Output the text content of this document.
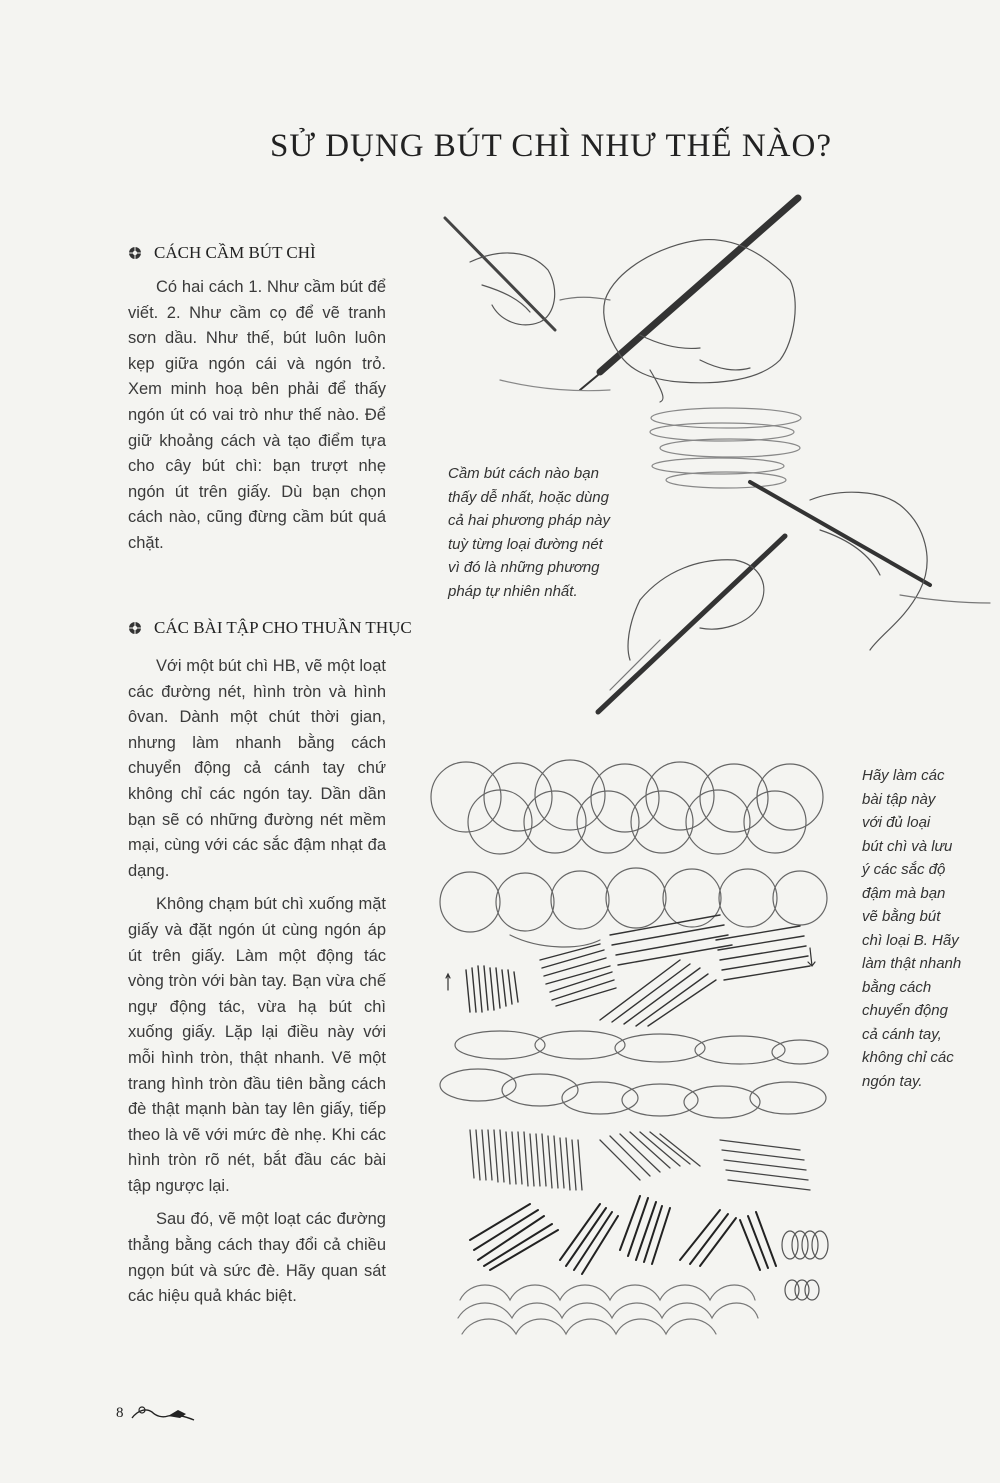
SỬ DỤNG BÚT CHÌ NHƯ THẾ NÀO?
CÁCH CẦM BÚT CHÌ

Có hai cách 1. Như cầm bút để viết. 2. Như cầm cọ để vẽ tranh sơn dầu. Như thế, bút luôn luôn kẹp giữa ngón cái và ngón trỏ. Xem minh hoạ bên phải để thấy ngón út có vai trò như thế nào. Để giữ khoảng cách và tạo điểm tựa cho cây bút chì: bạn trượt nhẹ ngón út trên giấy. Dù bạn chọn cách nào, cũng đừng cầm bút quá chặt.

CÁC BÀI TẬP CHO THUẦN THỤC

Với một bút chì HB, vẽ một loạt các đường nét, hình tròn và hình ôvan. Dành một chút thời gian, nhưng làm nhanh bằng cách chuyển động cả cánh tay chứ không chỉ các ngón tay. Dần dần bạn sẽ có những đường nét mềm mại, cùng với các sắc đậm nhạt đa dạng.

Không chạm bút chì xuống mặt giấy và đặt ngón út cùng ngón áp út trên giấy. Làm một động tác vòng tròn với bàn tay. Bạn vừa chế ngự động tác, vừa hạ bút chì xuống giấy. Lặp lại điều này với mỗi hình tròn, thật nhanh. Vẽ một trang hình tròn đầu tiên bằng cách đè thật mạnh bàn tay lên giấy, tiếp theo là vẽ với mức đè nhẹ. Khi các hình tròn rõ nét, bắt đầu các bài tập ngược lại.

Sau đó, vẽ một loạt các đường thẳng bằng cách thay đổi cả chiều ngọn bút và sức đè. Hãy quan sát các hiệu quả khác biệt.

Cầm bút cách nào bạn

thấy dễ nhất, hoặc dùng

cả hai phương pháp này

tuỳ từng loại đường nét

vì đó là những phương

pháp tự nhiên nhất.

Hãy làm các

bài tập này

với đủ loại

bút chì và lưu

ý các sắc độ

đậm mà bạn

vẽ bằng bút

chì loại B. Hãy

làm thật nhanh

bằng cách

chuyển động

cả cánh tay,

không chỉ các

ngón tay.

8
